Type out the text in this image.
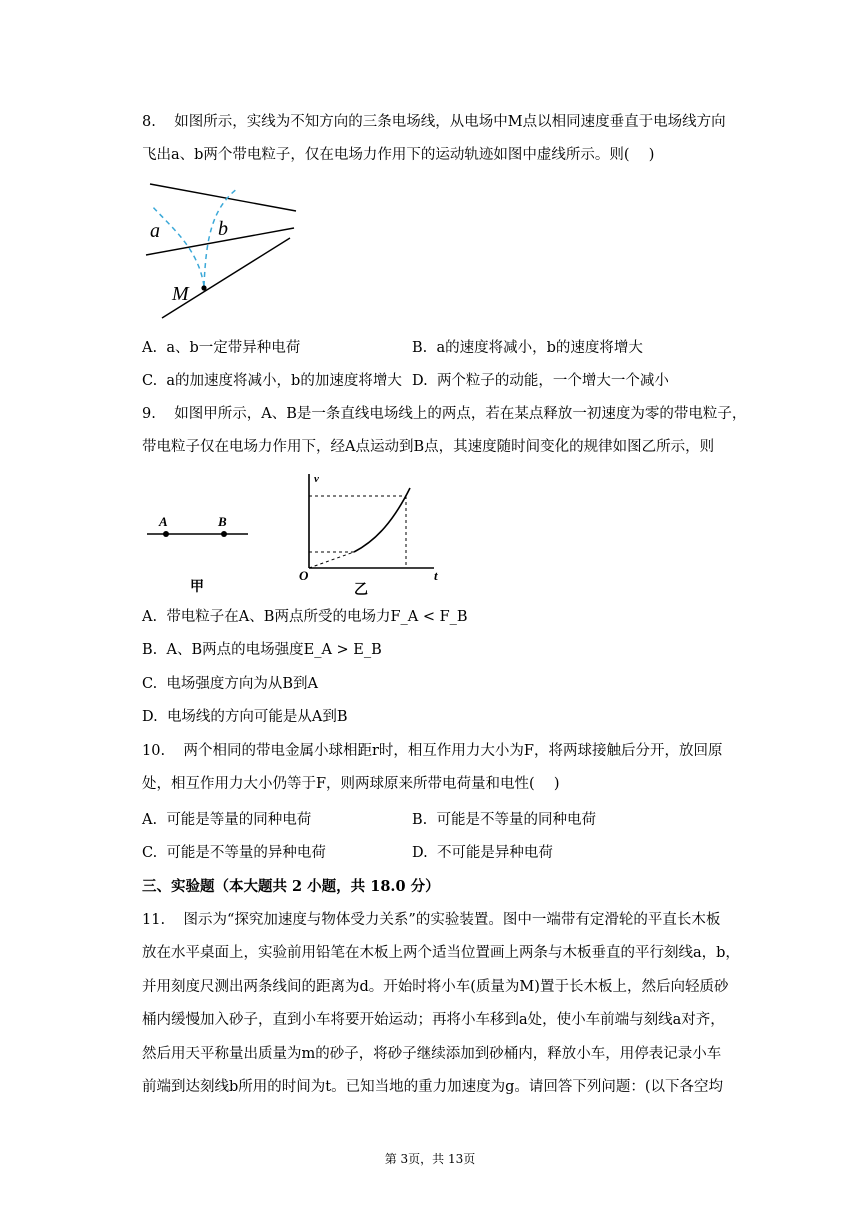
8. 如图所示，实线为不知方向的三条电场线，从电场中M点以相同速度垂直于电场线方向
飞出a、b两个带电粒子，仅在电场力作用下的运动轨迹如图中虚线所示。则(  )
a	b
M
A.  a、b一定带异种电荷	B.  a的速度将减小，b的速度将增大
C.  a的加速度将减小，b的加速度将增大 D.  两个粒子的动能，一个增大一个减小
9. 如图甲所示，A、B是一条直线电场线上的两点，若在某点释放一初速度为零的带电粒子，
带电粒子仅在电场力作用下，经A点运动到B点，其速度随时间变化的规律如图乙所示，则
A	B
甲
v
O	t
乙
A.  带电粒子在A、B两点所受的电场力F_A < F_B
B.  A、B两点的电场强度E_A > E_B
C.  电场强度方向为从B到A
D.  电场线的方向可能是从A到B
10. 两个相同的带电金属小球相距r时，相互作用力大小为F，将两球接触后分开，放回原
处，相互作用力大小仍等于F，则两球原来所带电荷量和电性(  )
A.  可能是等量的同种电荷	B.  可能是不等量的同种电荷
C.  可能是不等量的异种电荷	D.  不可能是异种电荷
三、实验题（本大题共 2 小题，共 18.0 分）
11. 图示为“探究加速度与物体受力关系”的实验装置。图中一端带有定滑轮的平直长木板
放在水平桌面上，实验前用铅笔在木板上两个适当位置画上两条与木板垂直的平行刻线a，b，
并用刻度尺测出两条线间的距离为d。开始时将小车(质量为M)置于长木板上，然后向轻质砂
桶内缓慢加入砂子，直到小车将要开始运动；再将小车移到a处，使小车前端与刻线a对齐，
然后用天平称量出质量为m的砂子，将砂子继续添加到砂桶内，释放小车，用停表记录小车
前端到达刻线b所用的时间为t。已知当地的重力加速度为g。请回答下列问题：(以下各空均
第 3页，共 13页
